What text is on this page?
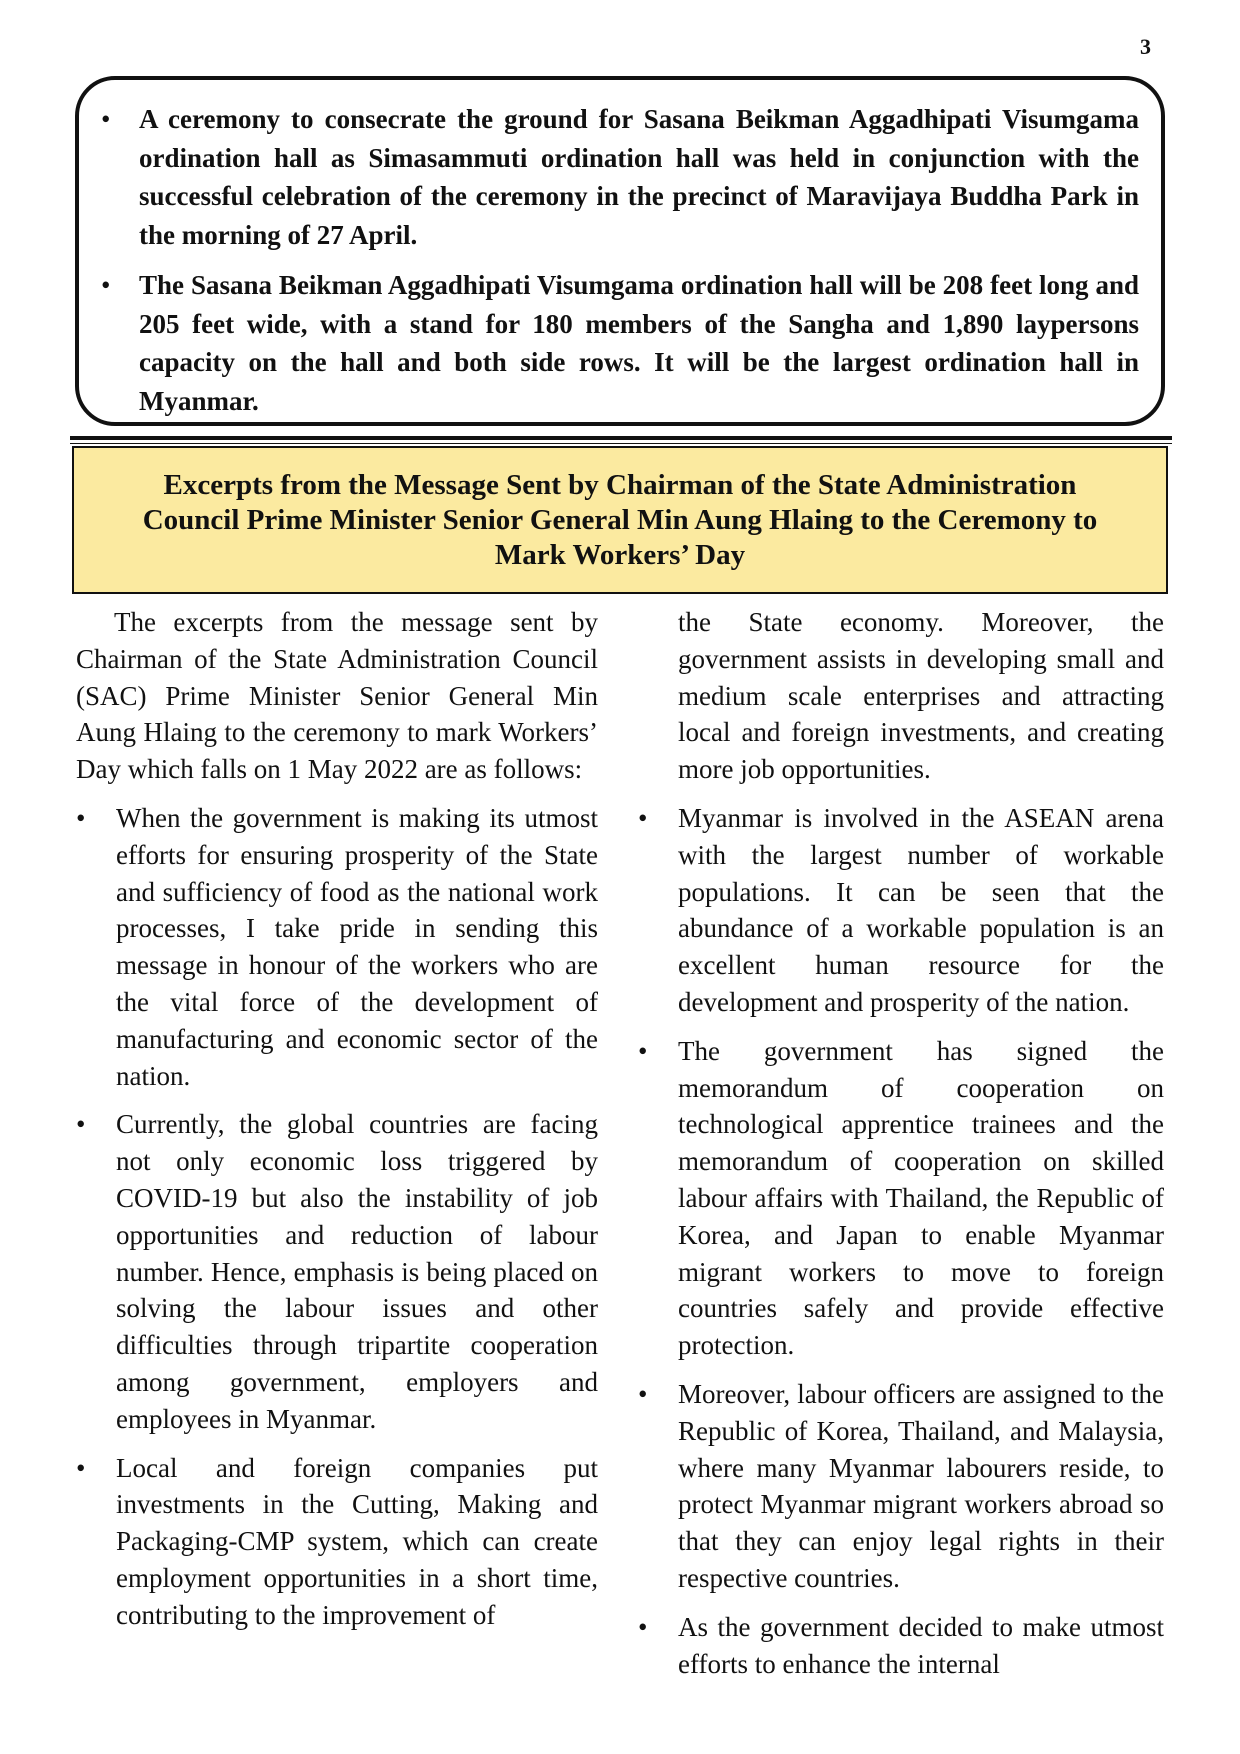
3
• A ceremony to consecrate the ground for Sasana Beikman Aggadhipati Visumgama ordination hall as Simasammuti ordination hall was held in conjunction with the successful celebration of the ceremony in the precinct of Maravijaya Buddha Park in the morning of 27 April.
• The Sasana Beikman Aggadhipati Visumgama ordination hall will be 208 feet long and 205 feet wide, with a stand for 180 members of the Sangha and 1,890 laypersons capacity on the hall and both side rows. It will be the largest ordination hall in Myanmar.
Excerpts from the Message Sent by Chairman of the State Administration Council Prime Minister Senior General Min Aung Hlaing to the Ceremony to Mark Workers’ Day

The excerpts from the message sent by Chairman of the State Administration Council (SAC) Prime Minister Senior General Min Aung Hlaing to the ceremony to mark Workers’ Day which falls on 1 May 2022 are as follows:

• When the government is making its utmost efforts for ensuring prosperity of the State and sufficiency of food as the national work processes, I take pride in sending this message in honour of the workers who are the vital force of the development of manufacturing and economic sector of the nation.
• Currently, the global countries are facing not only economic loss triggered by COVID-19 but also the instability of job opportunities and reduction of labour number. Hence, emphasis is being placed on solving the labour issues and other difficulties through tripartite cooperation among government, employers and employees in Myanmar.
• Local and foreign companies put investments in the Cutting, Making and Packaging-CMP system, which can create employment opportunities in a short time, contributing to the improvement of

the State economy. Moreover, the government assists in developing small and medium scale enterprises and attracting local and foreign investments, and creating more job opportunities.

• Myanmar is involved in the ASEAN arena with the largest number of workable populations. It can be seen that the abundance of a workable population is an excellent human resource for the development and prosperity of the nation.
• The government has signed the memorandum of cooperation on technological apprentice trainees and the memorandum of cooperation on skilled labour affairs with Thailand, the Republic of Korea, and Japan to enable Myanmar migrant workers to move to foreign countries safely and provide effective protection.
• Moreover, labour officers are assigned to the Republic of Korea, Thailand, and Malaysia, where many Myanmar labourers reside, to protect Myanmar migrant workers abroad so that they can enjoy legal rights in their respective countries.
• As the government decided to make utmost efforts to enhance the internal
